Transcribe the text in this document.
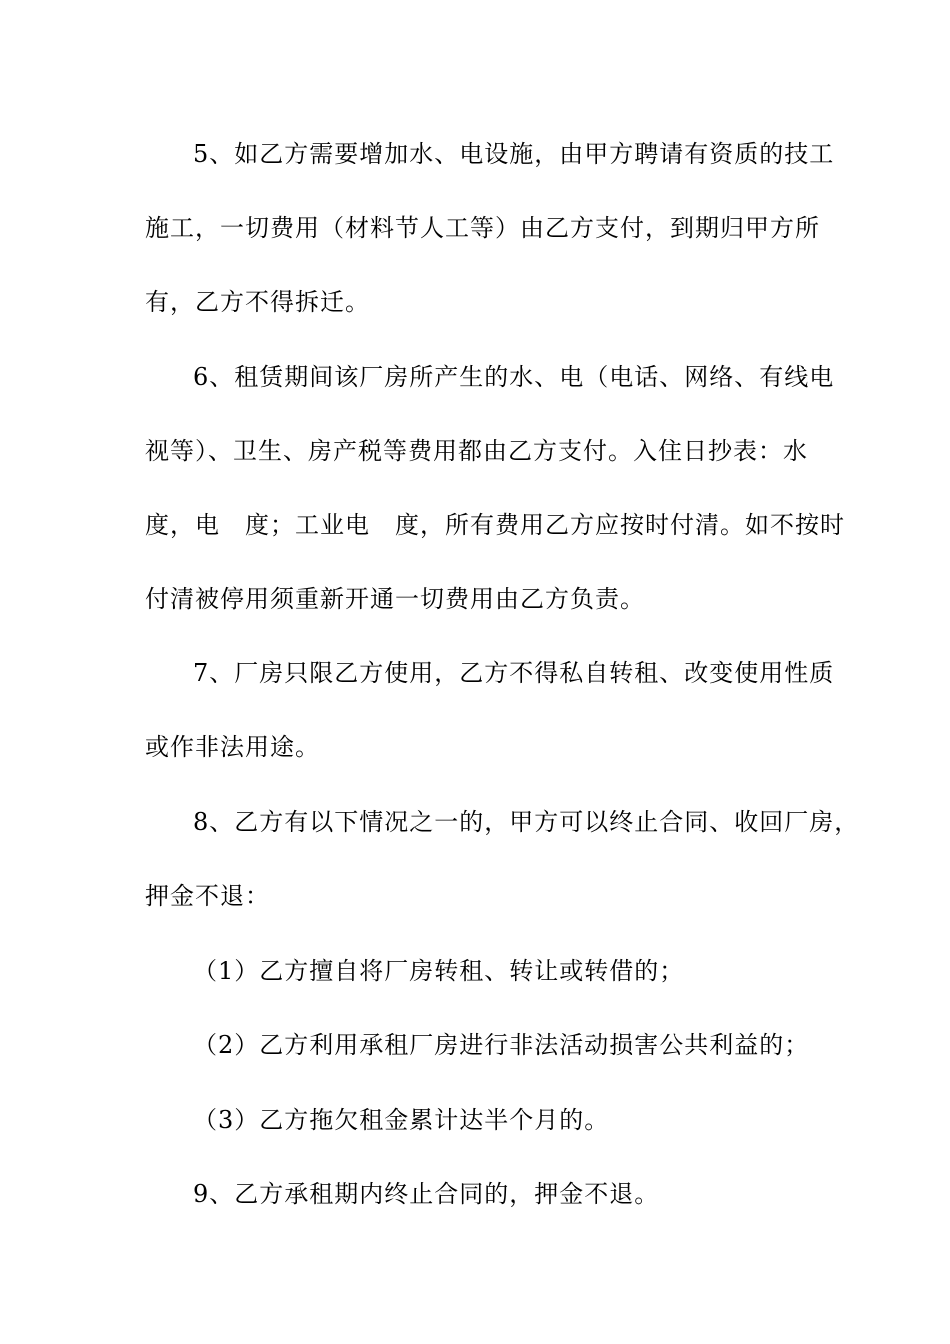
5、如乙方需要增加水、电设施，由甲方聘请有资质的技工
施工，一切费用（材料节人工等）由乙方支付，到期归甲方所
有，乙方不得拆迁。
6、租赁期间该厂房所产生的水、电（电话、网络、有线电
视等）、卫生、房产税等费用都由乙方支付。入住日抄表：水
度，电　度；工业电　度，所有费用乙方应按时付清。如不按时
付清被停用须重新开通一切费用由乙方负责。
7、厂房只限乙方使用，乙方不得私自转租、改变使用性质
或作非法用途。
8、乙方有以下情况之一的，甲方可以终止合同、收回厂房，
押金不退：
（1）乙方擅自将厂房转租、转让或转借的；
（2）乙方利用承租厂房进行非法活动损害公共利益的；
（3）乙方拖欠租金累计达半个月的。
9、乙方承租期内终止合同的，押金不退。
